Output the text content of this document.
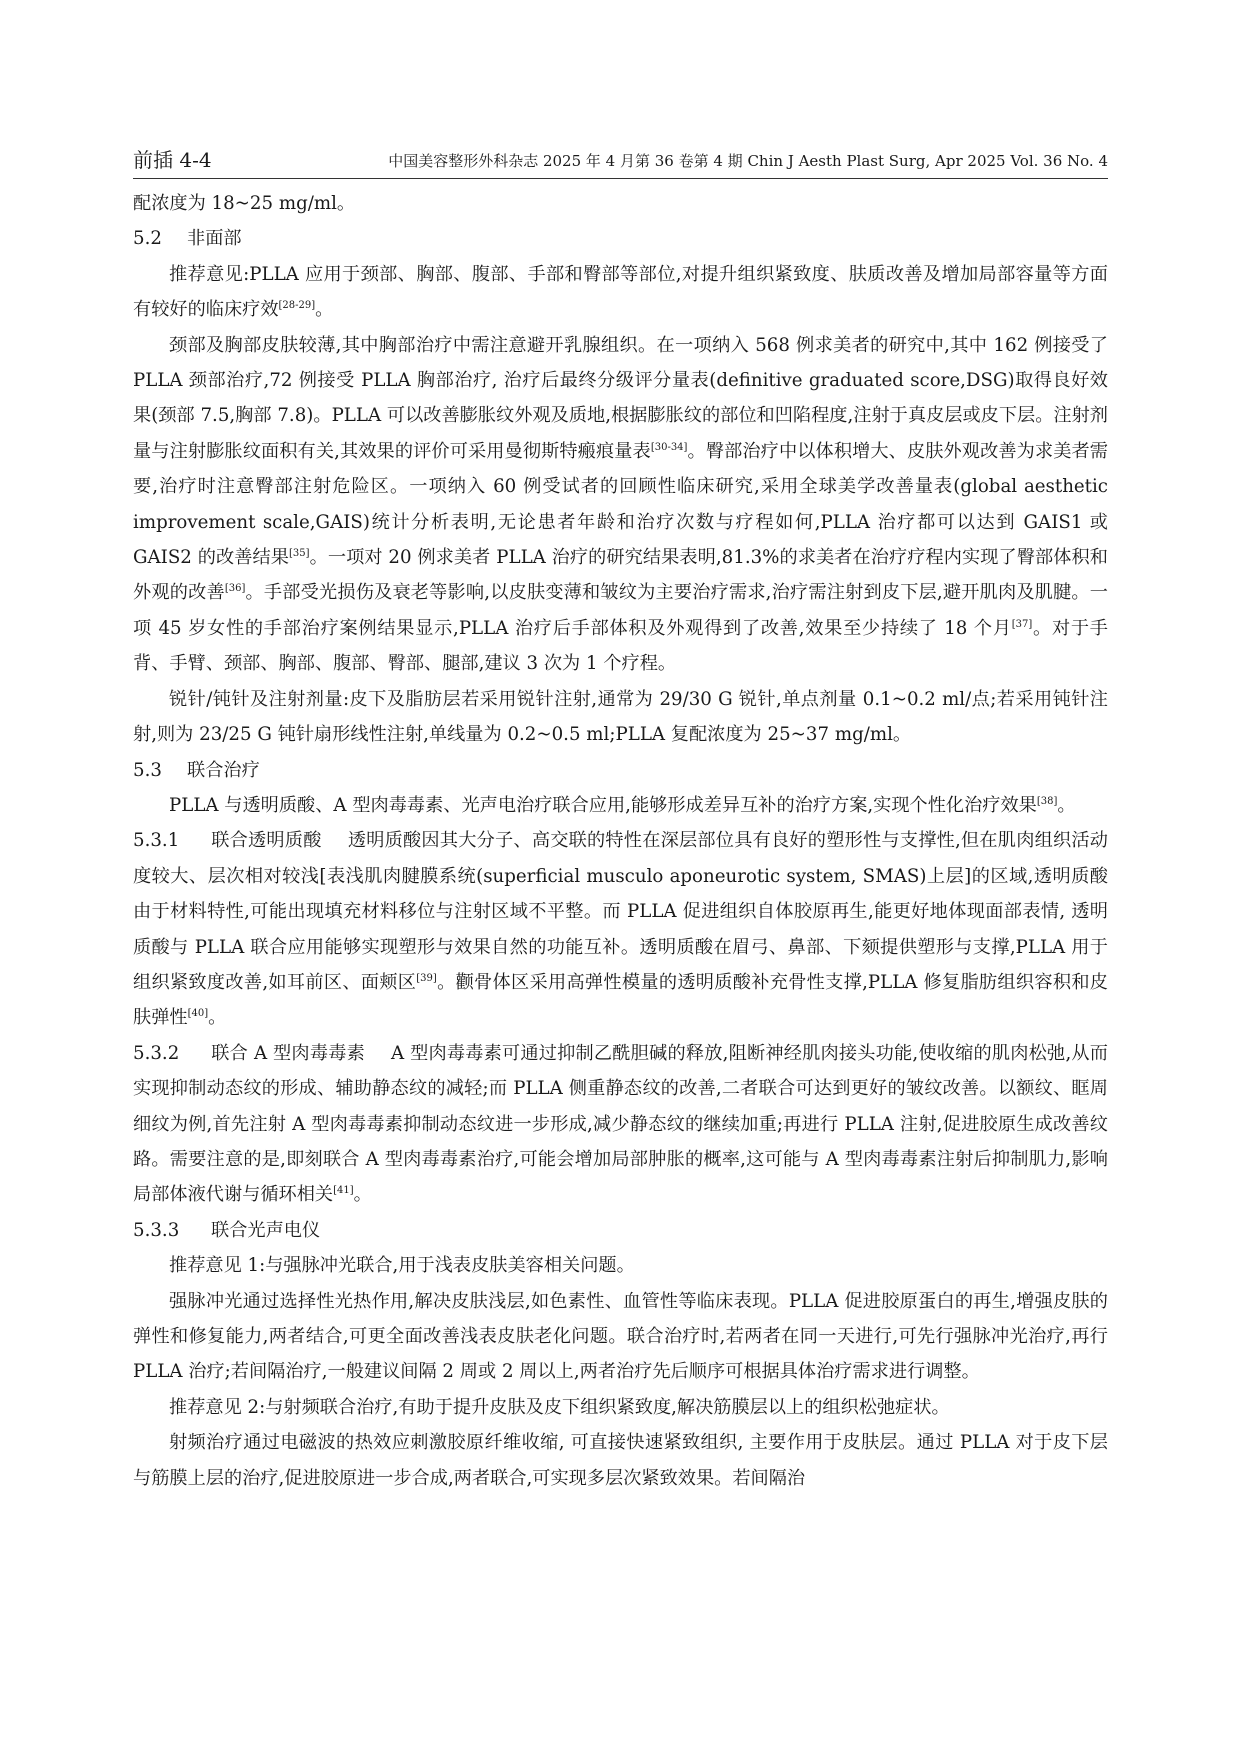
前插 4-4	中国美容整形外科杂志 2025 年 4 月第 36 卷第 4 期 Chin J Aesth Plast Surg, Apr 2025 Vol. 36 No. 4

配浓度为 18~25 mg/ml。

5.2 非面部

推荐意见:PLLA 应用于颈部、胸部、腹部、手部和臀部等部位,对提升组织紧致度、肤质改善及增加局部容量等方面有较好的临床疗效[28-29]。

颈部及胸部皮肤较薄,其中胸部治疗中需注意避开乳腺组织。在一项纳入 568 例求美者的研究中,其中 162 例接受了 PLLA 颈部治疗,72 例接受 PLLA 胸部治疗, 治疗后最终分级评分量表(definitive graduated score,DSG)取得良好效果(颈部 7.5,胸部 7.8)。PLLA 可以改善膨胀纹外观及质地,根据膨胀纹的部位和凹陷程度,注射于真皮层或皮下层。注射剂量与注射膨胀纹面积有关,其效果的评价可采用曼彻斯特瘢痕量表[30-34]。臀部治疗中以体积增大、皮肤外观改善为求美者需要,治疗时注意臀部注射危险区。一项纳入 60 例受试者的回顾性临床研究,采用全球美学改善量表(global aesthetic improvement scale,GAIS)统计分析表明,无论患者年龄和治疗次数与疗程如何,PLLA 治疗都可以达到 GAIS1 或 GAIS2 的改善结果[35]。一项对 20 例求美者 PLLA 治疗的研究结果表明,81.3%的求美者在治疗疗程内实现了臀部体积和外观的改善[36]。手部受光损伤及衰老等影响,以皮肤变薄和皱纹为主要治疗需求,治疗需注射到皮下层,避开肌肉及肌腱。一项 45 岁女性的手部治疗案例结果显示,PLLA 治疗后手部体积及外观得到了改善,效果至少持续了 18 个月[37]。对于手背、手臂、颈部、胸部、腹部、臀部、腿部,建议 3 次为 1 个疗程。

锐针/钝针及注射剂量:皮下及脂肪层若采用锐针注射,通常为 29/30 G 锐针,单点剂量 0.1~0.2 ml/点;若采用钝针注射,则为 23/25 G 钝针扇形线性注射,单线量为 0.2~0.5 ml;PLLA 复配浓度为 25~37 mg/ml。

5.3 联合治疗

PLLA 与透明质酸、A 型肉毒毒素、光声电治疗联合应用,能够形成差异互补的治疗方案,实现个性化治疗效果[38]。

5.3.1 联合透明质酸 透明质酸因其大分子、高交联的特性在深层部位具有良好的塑形性与支撑性,但在肌肉组织活动度较大、层次相对较浅[表浅肌肉腱膜系统(superficial musculo aponeurotic system, SMAS)上层]的区域,透明质酸由于材料特性,可能出现填充材料移位与注射区域不平整。而 PLLA 促进组织自体胶原再生,能更好地体现面部表情, 透明质酸与 PLLA 联合应用能够实现塑形与效果自然的功能互补。透明质酸在眉弓、鼻部、下颏提供塑形与支撑,PLLA 用于组织紧致度改善,如耳前区、面颊区[39]。颧骨体区采用高弹性模量的透明质酸补充骨性支撑,PLLA 修复脂肪组织容积和皮肤弹性[40]。

5.3.2 联合 A 型肉毒毒素 A 型肉毒毒素可通过抑制乙酰胆碱的释放,阻断神经肌肉接头功能,使收缩的肌肉松弛,从而实现抑制动态纹的形成、辅助静态纹的减轻;而 PLLA 侧重静态纹的改善,二者联合可达到更好的皱纹改善。以额纹、眶周细纹为例,首先注射 A 型肉毒毒素抑制动态纹进一步形成,减少静态纹的继续加重;再进行 PLLA 注射,促进胶原生成改善纹路。需要注意的是,即刻联合 A 型肉毒毒素治疗,可能会增加局部肿胀的概率,这可能与 A 型肉毒毒素注射后抑制肌力,影响局部体液代谢与循环相关[41]。

5.3.3 联合光声电仪

推荐意见 1:与强脉冲光联合,用于浅表皮肤美容相关问题。

强脉冲光通过选择性光热作用,解决皮肤浅层,如色素性、血管性等临床表现。PLLA 促进胶原蛋白的再生,增强皮肤的弹性和修复能力,两者结合,可更全面改善浅表皮肤老化问题。联合治疗时,若两者在同一天进行,可先行强脉冲光治疗,再行 PLLA 治疗;若间隔治疗,一般建议间隔 2 周或 2 周以上,两者治疗先后顺序可根据具体治疗需求进行调整。

推荐意见 2:与射频联合治疗,有助于提升皮肤及皮下组织紧致度,解决筋膜层以上的组织松弛症状。

射频治疗通过电磁波的热效应刺激胶原纤维收缩, 可直接快速紧致组织, 主要作用于皮肤层。通过 PLLA 对于皮下层与筋膜上层的治疗,促进胶原进一步合成,两者联合,可实现多层次紧致效果。若间隔治
